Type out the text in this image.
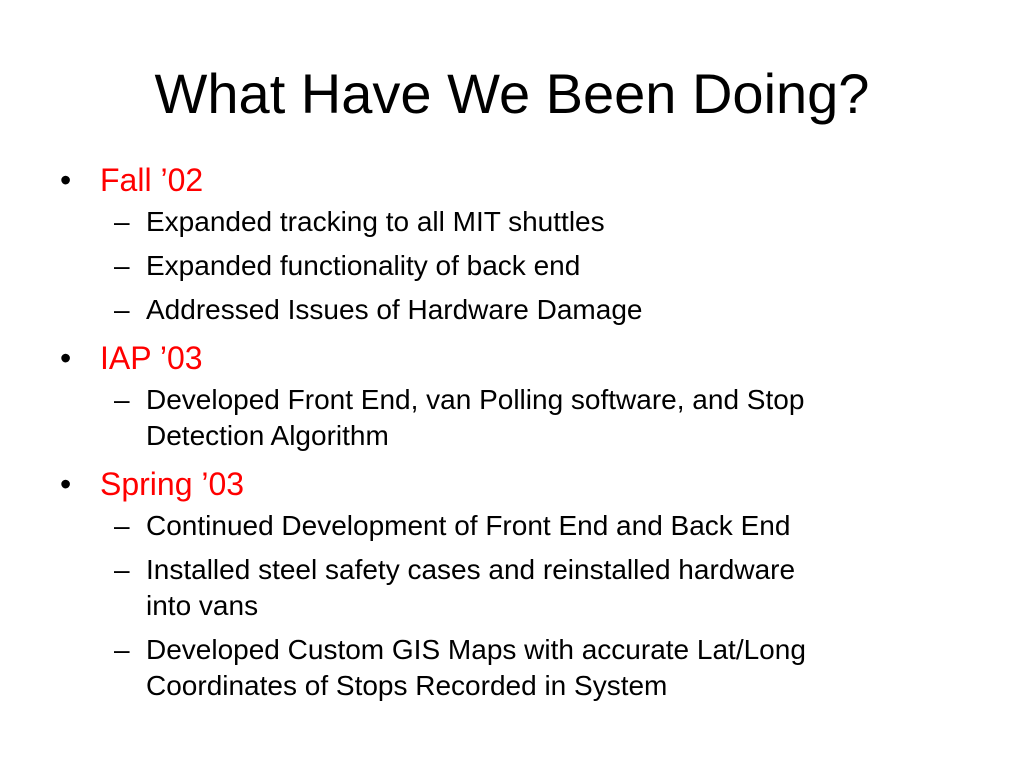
What Have We Been Doing?
• Fall ’02
– Expanded tracking to all MIT shuttles
– Expanded functionality of back end
– Addressed Issues of Hardware Damage
• IAP ’03
– Developed Front End, van Polling software, and Stop
Detection Algorithm
• Spring ’03
– Continued Development of Front End and Back End
– Installed steel safety cases and reinstalled hardware
into vans
– Developed Custom GIS Maps with accurate Lat/Long
Coordinates of Stops Recorded in System
